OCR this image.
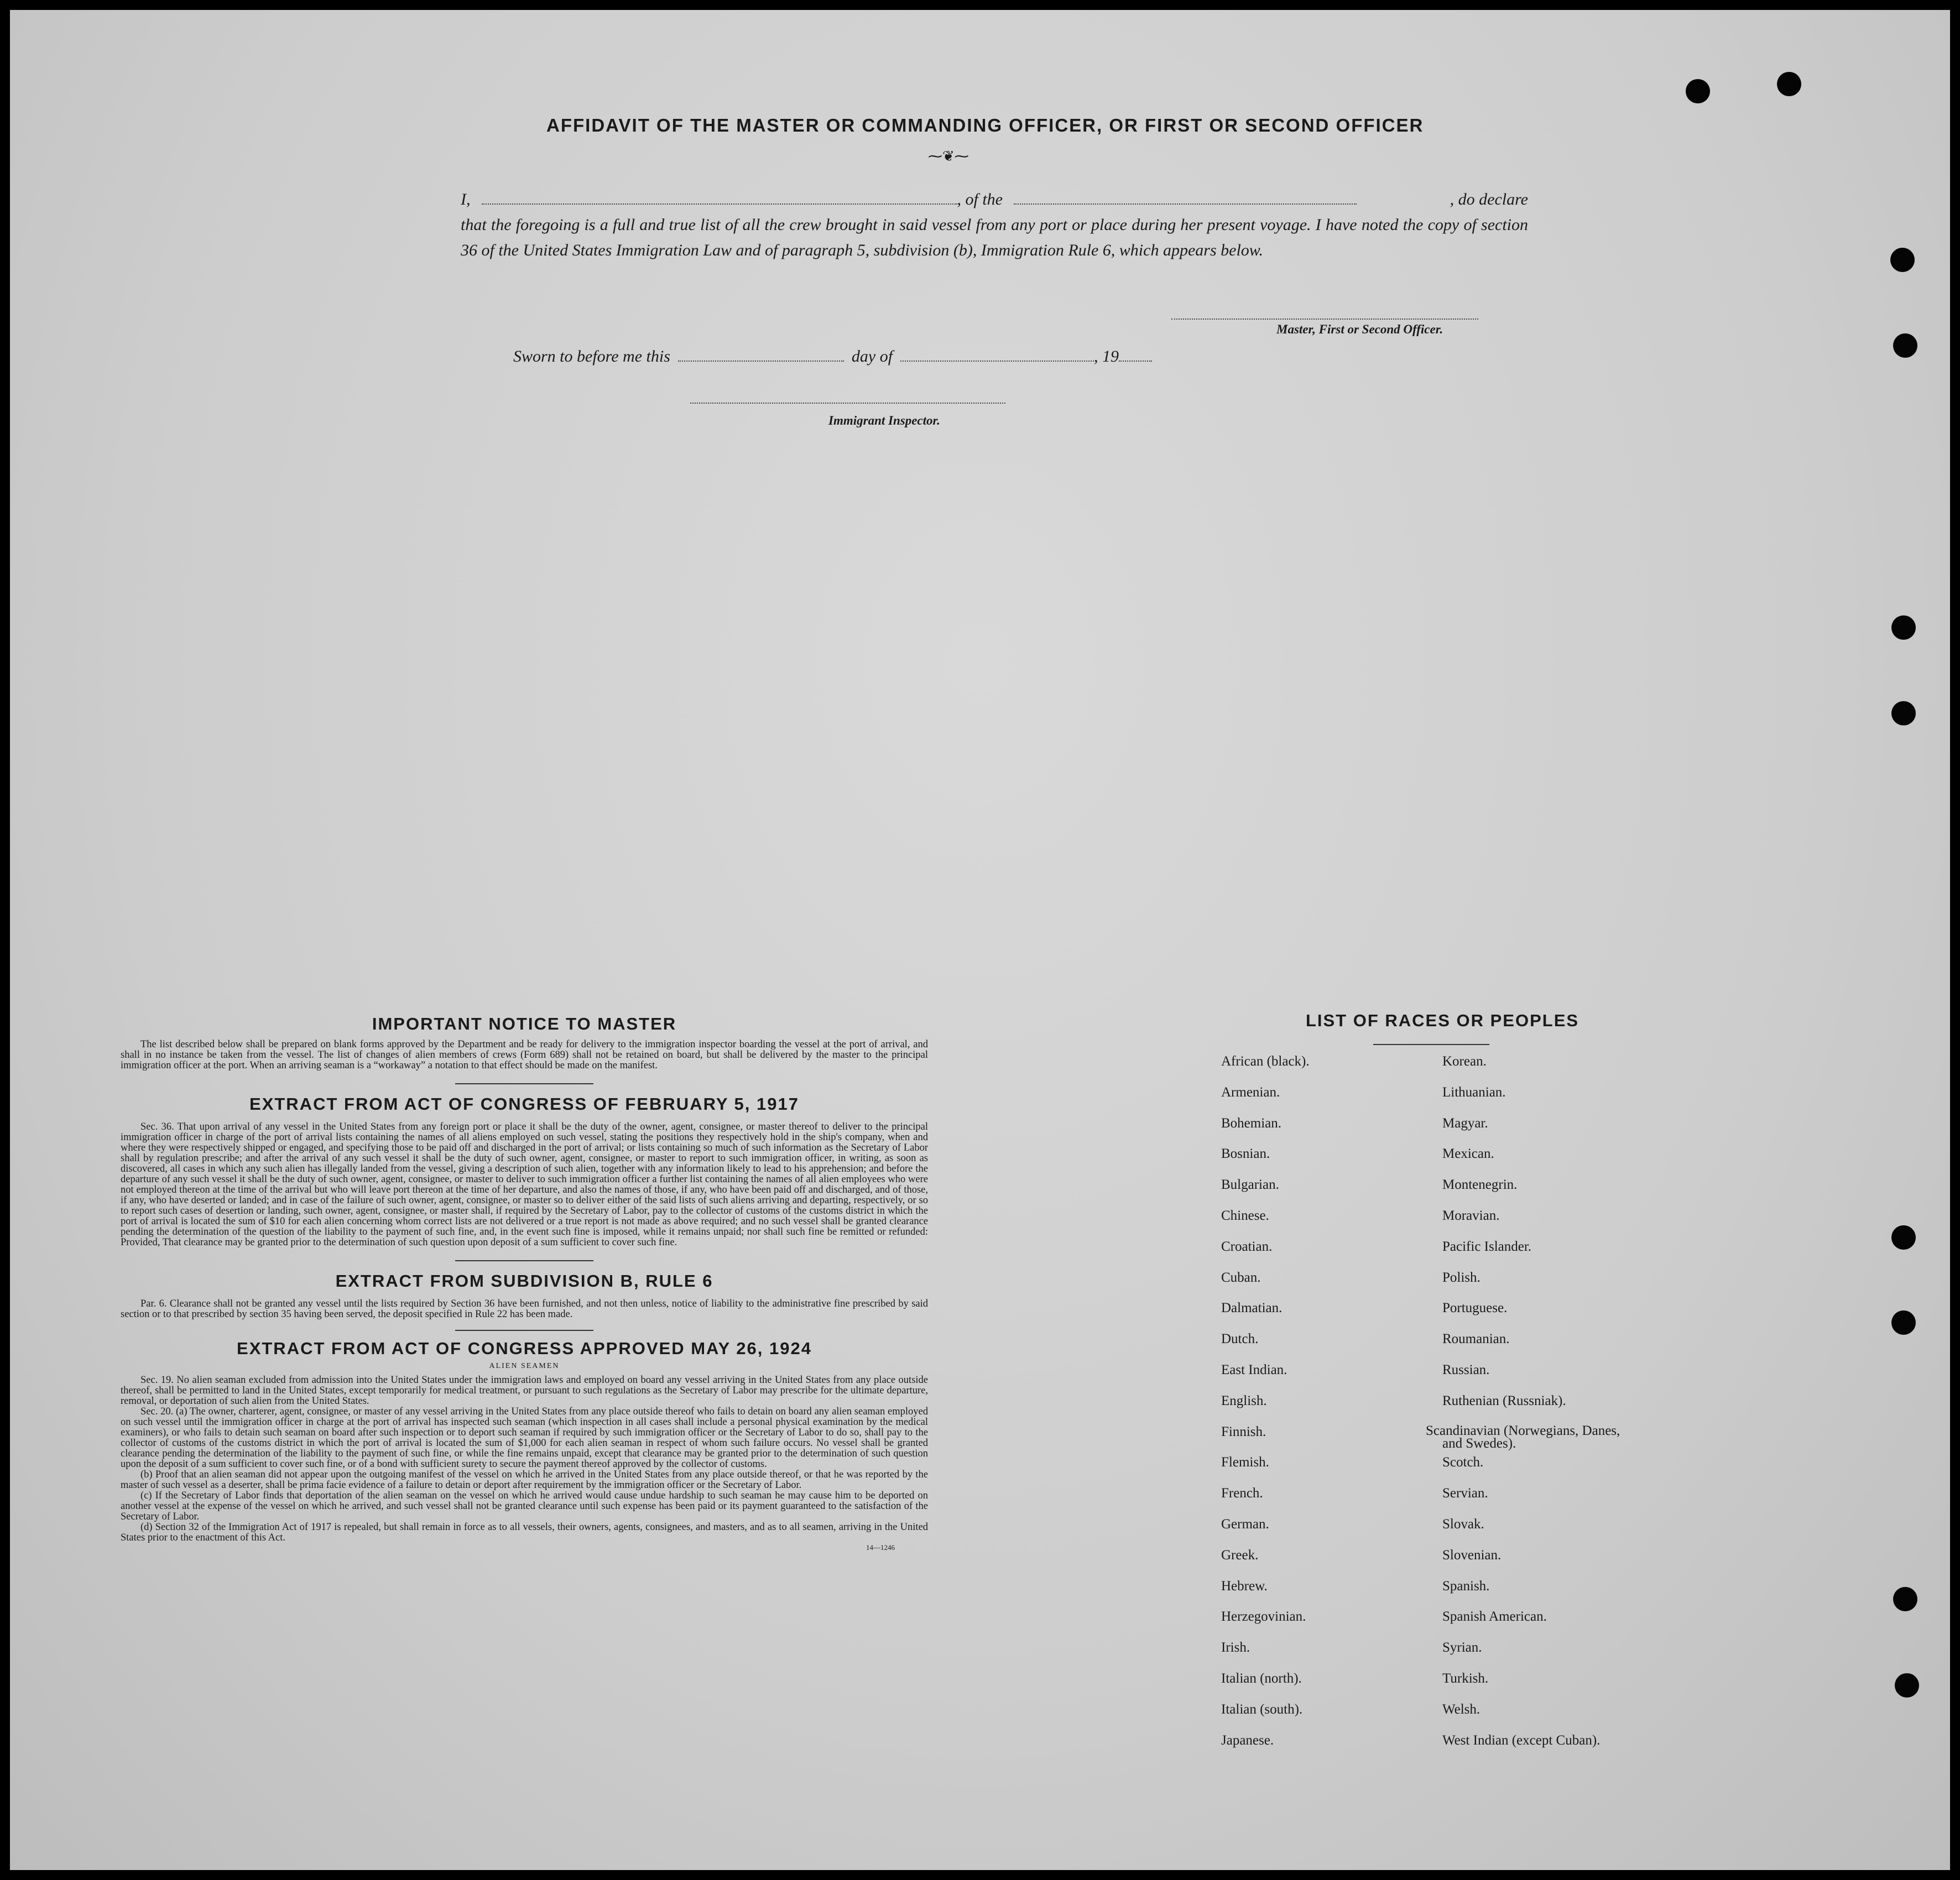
AFFIDAVIT OF THE MASTER OR COMMANDING OFFICER, OR FIRST OR SECOND OFFICER
⁓❦⁓
I,	, of the	, do declare
that the foregoing is a full and true list of all the crew brought in said vessel from any port or place during her present voyage. I have noted the copy of section 36 of the United States Immigration Law and of paragraph 5, subdivision (b), Immigration Rule 6, which appears below.
Master, First or Second Officer.
Sworn to before me this	day of	, 19
Immigrant Inspector.
IMPORTANT NOTICE TO MASTER
The list described below shall be prepared on blank forms approved by the Department and be ready for delivery to the immigration inspector boarding the vessel at the port of arrival, and shall in no instance be taken from the vessel. The list of changes of alien members of crews (Form 689) shall not be retained on board, but shall be delivered by the master to the principal immigration officer at the port. When an arriving seaman is a “workaway” a notation to that effect should be made on the manifest.
EXTRACT FROM ACT OF CONGRESS OF FEBRUARY 5, 1917
Sec. 36. That upon arrival of any vessel in the United States from any foreign port or place it shall be the duty of the owner, agent, consignee, or master thereof to deliver to the principal immigration officer in charge of the port of arrival lists containing the names of all aliens employed on such vessel, stating the positions they respectively hold in the ship's company, when and where they were respectively shipped or engaged, and specifying those to be paid off and discharged in the port of arrival; or lists containing so much of such information as the Secretary of Labor shall by regulation prescribe; and after the arrival of any such vessel it shall be the duty of such owner, agent, consignee, or master to report to such immigration officer, in writing, as soon as discovered, all cases in which any such alien has illegally landed from the vessel, giving a description of such alien, together with any information likely to lead to his apprehension; and before the departure of any such vessel it shall be the duty of such owner, agent, consignee, or master to deliver to such immigration officer a further list containing the names of all alien employees who were not employed thereon at the time of the arrival but who will leave port thereon at the time of her departure, and also the names of those, if any, who have been paid off and discharged, and of those, if any, who have deserted or landed; and in case of the failure of such owner, agent, consignee, or master so to deliver either of the said lists of such aliens arriving and departing, respectively, or so to report such cases of desertion or landing, such owner, agent, consignee, or master shall, if required by the Secretary of Labor, pay to the collector of customs of the customs district in which the port of arrival is located the sum of $10 for each alien concerning whom correct lists are not delivered or a true report is not made as above required; and no such vessel shall be granted clearance pending the determination of the question of the liability to the payment of such fine, and, in the event such fine is imposed, while it remains unpaid; nor shall such fine be remitted or refunded: Provided, That clearance may be granted prior to the determination of such question upon deposit of a sum sufficient to cover such fine.
EXTRACT FROM SUBDIVISION B, RULE 6
Par. 6. Clearance shall not be granted any vessel until the lists required by Section 36 have been furnished, and not then unless, notice of liability to the administrative fine prescribed by said section or to that prescribed by section 35 having been served, the deposit specified in Rule 22 has been made.
EXTRACT FROM ACT OF CONGRESS APPROVED MAY 26, 1924
ALIEN SEAMEN
Sec. 19. No alien seaman excluded from admission into the United States under the immigration laws and employed on board any vessel arriving in the United States from any place outside thereof, shall be permitted to land in the United States, except temporarily for medical treatment, or pursuant to such regulations as the Secretary of Labor may prescribe for the ultimate departure, removal, or deportation of such alien from the United States.
Sec. 20. (a) The owner, charterer, agent, consignee, or master of any vessel arriving in the United States from any place outside thereof who fails to detain on board any alien seaman employed on such vessel until the immigration officer in charge at the port of arrival has inspected such seaman (which inspection in all cases shall include a personal physical examination by the medical examiners), or who fails to detain such seaman on board after such inspection or to deport such seaman if required by such immigration officer or the Secretary of Labor to do so, shall pay to the collector of customs of the customs district in which the port of arrival is located the sum of $1,000 for each alien seaman in respect of whom such failure occurs. No vessel shall be granted clearance pending the determination of the liability to the payment of such fine, or while the fine remains unpaid, except that clearance may be granted prior to the determination of such question upon the deposit of a sum sufficient to cover such fine, or of a bond with sufficient surety to secure the payment thereof approved by the collector of customs.
(b) Proof that an alien seaman did not appear upon the outgoing manifest of the vessel on which he arrived in the United States from any place outside thereof, or that he was reported by the master of such vessel as a deserter, shall be prima facie evidence of a failure to detain or deport after requirement by the immigration officer or the Secretary of Labor.
(c) If the Secretary of Labor finds that deportation of the alien seaman on the vessel on which he arrived would cause undue hardship to such seaman he may cause him to be deported on another vessel at the expense of the vessel on which he arrived, and such vessel shall not be granted clearance until such expense has been paid or its payment guaranteed to the satisfaction of the Secretary of Labor.
(d) Section 32 of the Immigration Act of 1917 is repealed, but shall remain in force as to all vessels, their owners, agents, consignees, and masters, and as to all seamen, arriving in the United States prior to the enactment of this Act.
14—1246
LIST OF RACES OR PEOPLES
African (black).
Armenian.
Bohemian.
Bosnian.
Bulgarian.
Chinese.
Croatian.
Cuban.
Dalmatian.
Dutch.
East Indian.
English.
Finnish.
Flemish.
French.
German.
Greek.
Hebrew.
Herzegovinian.
Irish.
Italian (north).
Italian (south).
Japanese.
Korean.
Lithuanian.
Magyar.
Mexican.
Montenegrin.
Moravian.
Pacific Islander.
Polish.
Portuguese.
Roumanian.
Russian.
Ruthenian (Russniak).
Scandinavian (Norwegians, Danes, and Swedes).
Scotch.
Servian.
Slovak.
Slovenian.
Spanish.
Spanish American.
Syrian.
Turkish.
Welsh.
West Indian (except Cuban).
